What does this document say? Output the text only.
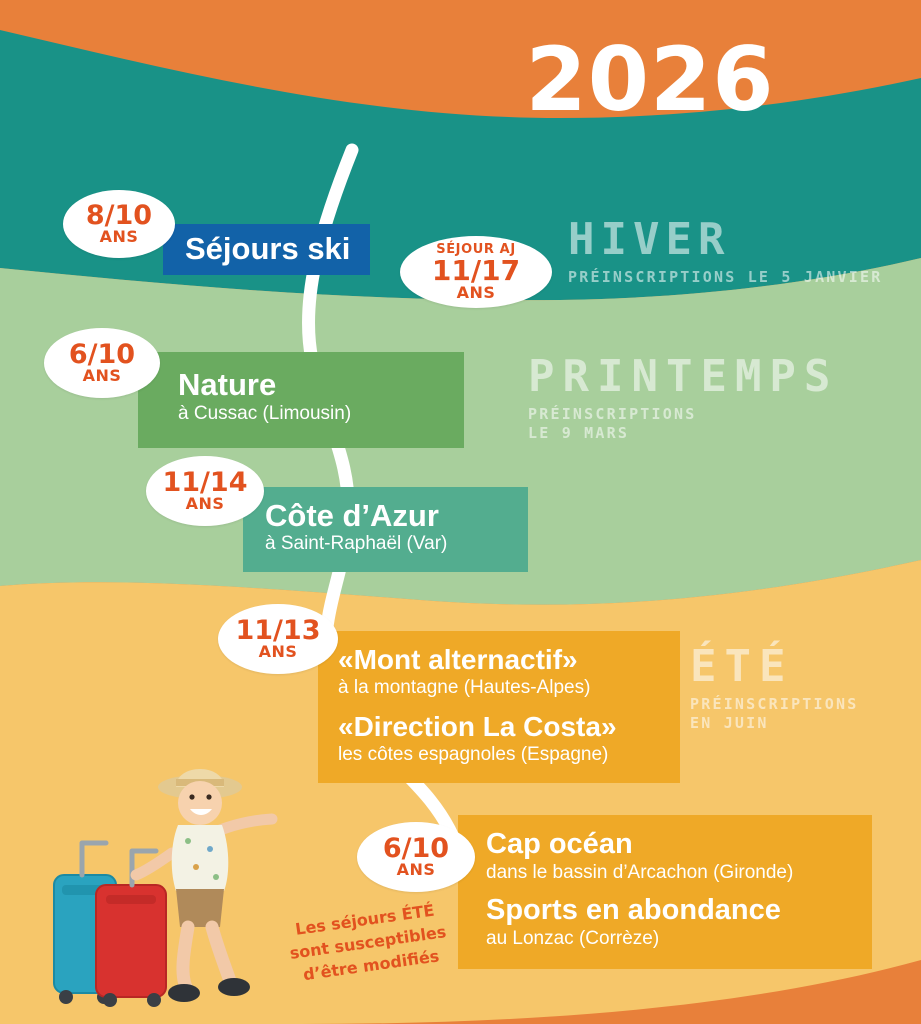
2026
HIVER
PRÉINSCRIPTIONS LE 5 JANVIER
PRINTEMPS
PRÉINSCRIPTIONS
LE 9 MARS
ÉTÉ
PRÉINSCRIPTIONS
EN JUIN
Séjours ski
Nature
à Cussac (Limousin)
Côte d’Azur
à Saint-Raphaël (Var)
«Mont alternactif»
à la montagne (Hautes-Alpes)
«Direction La Costa»
les côtes espagnoles (Espagne)
Cap océan
dans le bassin d’Arcachon (Gironde)
Sports en abondance
au Lonzac (Corrèze)
8/10
ANS
SÉJOUR AJ
11/17
ANS
6/10
ANS
11/14
ANS
11/13
ANS
6/10
ANS
Les séjours ÉTÉ sont susceptibles d’être modifiés
